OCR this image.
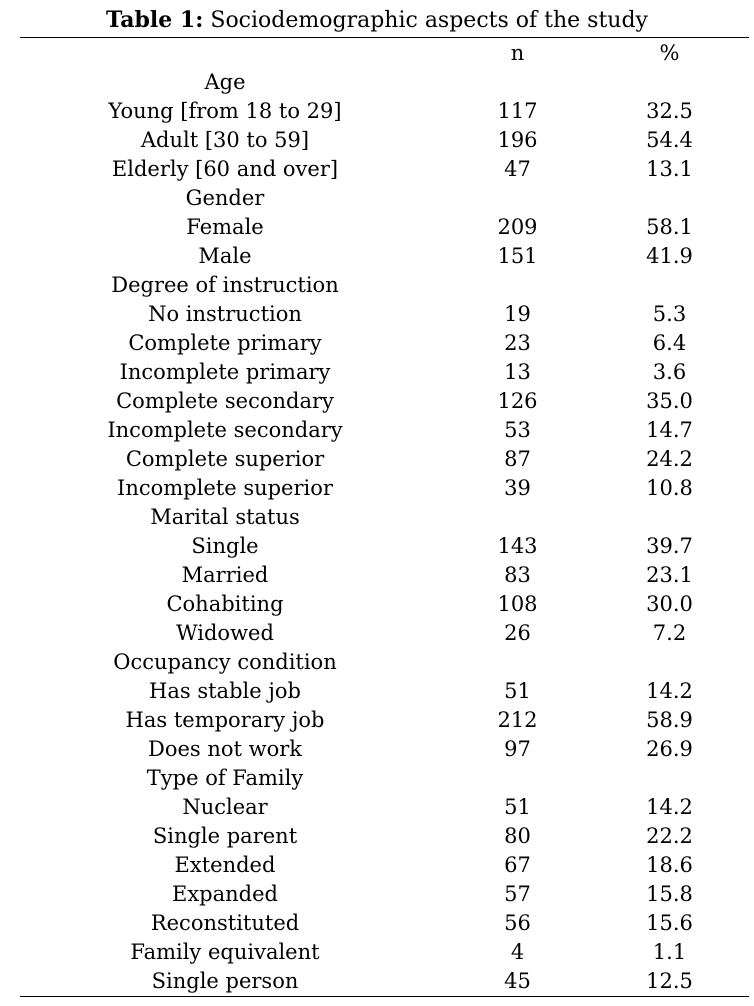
Table 1: Sociodemographic aspects of the study
	n	%
Age		
Young [from 18 to 29]	117	32.5
Adult [30 to 59]	196	54.4
Elderly [60 and over]	47	13.1
Gender		
Female	209	58.1
Male	151	41.9
Degree of instruction		
No instruction	19	5.3
Complete primary	23	6.4
Incomplete primary	13	3.6
Complete secondary	126	35.0
Incomplete secondary	53	14.7
Complete superior	87	24.2
Incomplete superior	39	10.8
Marital status		
Single	143	39.7
Married	83	23.1
Cohabiting	108	30.0
Widowed	26	7.2
Occupancy condition		
Has stable job	51	14.2
Has temporary job	212	58.9
Does not work	97	26.9
Type of Family		
Nuclear	51	14.2
Single parent	80	22.2
Extended	67	18.6
Expanded	57	15.8
Reconstituted	56	15.6
Family equivalent	4	1.1
Single person	45	12.5
